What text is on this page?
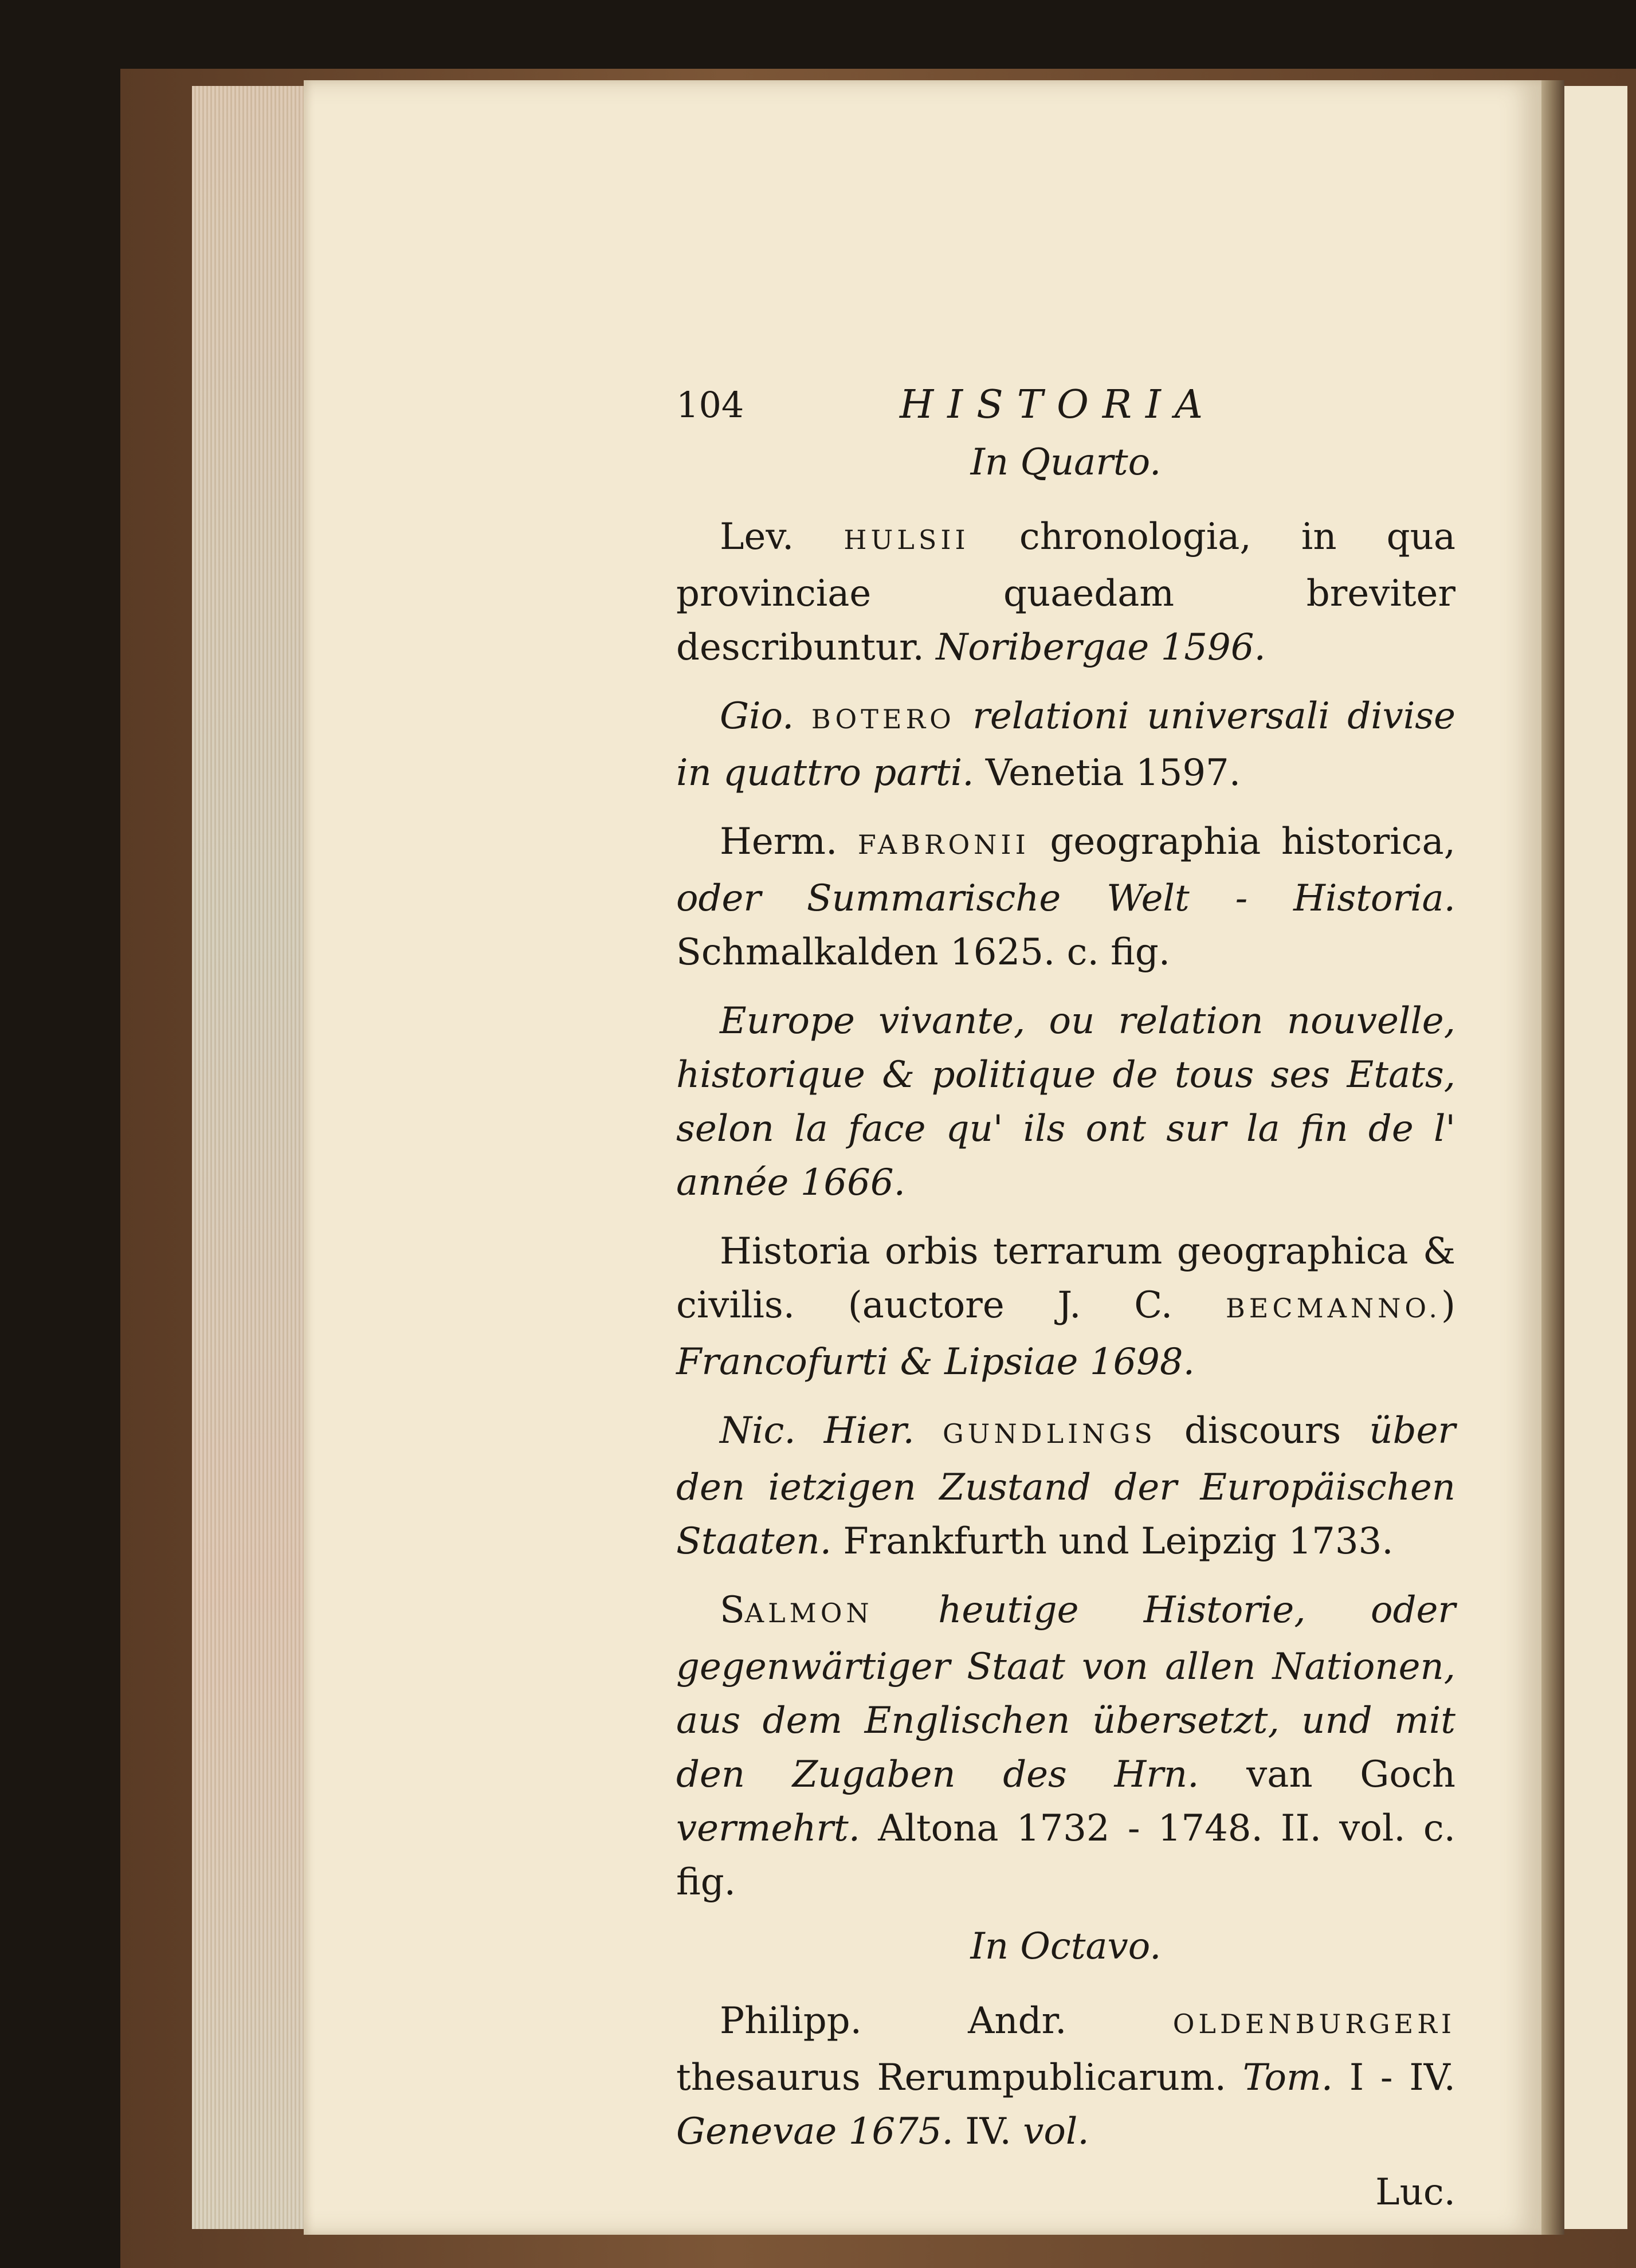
104	HISTORIA

In Quarto.

Lev. HULSII chronologia, in qua provinciae quaedam breviter describuntur. Noribergae 1596.

Gio. BOTERO relationi universali divise in quattro parti. Venetia 1597.

Herm. FABRONII geographia historica, oder Summarische Welt - Historia. Schmalkalden 1625. c. fig.

Europe vivante, ou relation nouvelle, historique & politique de tous ses Etats, selon la face qu' ils ont sur la fin de l' année 1666.

Historia orbis terrarum geographica & civilis. (auctore J. C. BECMANNO.) Francofurti & Lipsiae 1698.

Nic. Hier. GUNDLINGS discours über den ietzigen Zustand der Europäischen Staaten. Frankfurth und Leipzig 1733.

SALMON heutige Historie, oder gegenwärtiger Staat von allen Nationen, aus dem Englischen übersetzt, und mit den Zugaben des Hrn. van Goch vermehrt. Altona 1732 - 1748. II. vol. c. fig.

In Octavo.

Philipp. Andr. OLDENBURGERI thesaurus Rerumpublicarum. Tom. I - IV. Genevae 1675. IV. vol.

Luc.
